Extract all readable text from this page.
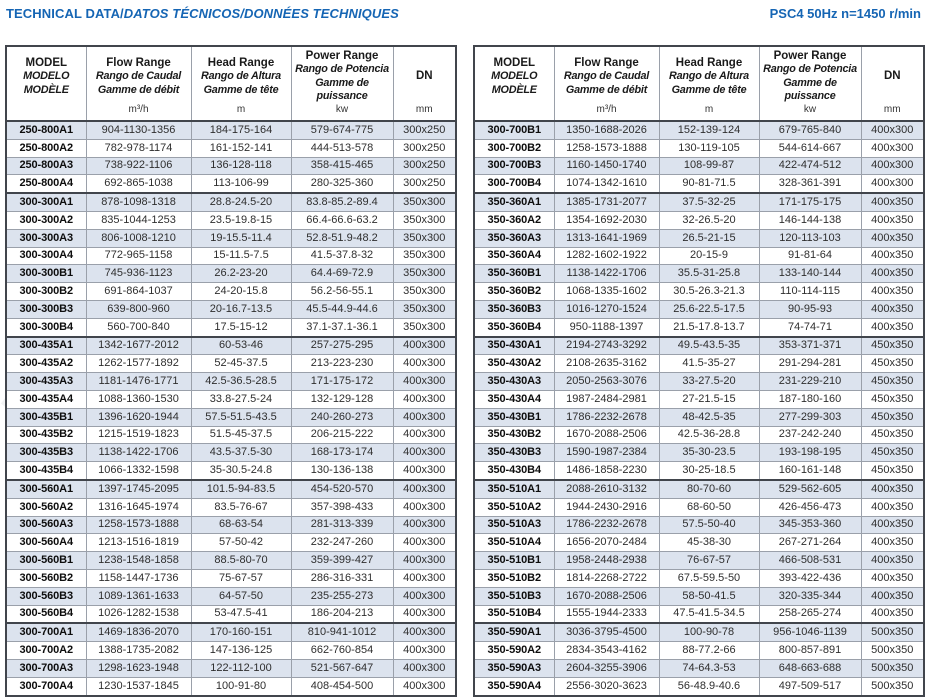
TECHNICAL DATA/DATOS TÉCNICOS/DONNÉES TECHNIQUES	PSC4 50Hz n=1450 r/min
MODEL
MODELO
MODÈLE

Flow Range
Rango de Caudal
Gamme de débit
m³/h

Head Range
Rango de Altura
Gamme de tête
m

Power Range
Rango de Potencia
Gamme de puissance
kw

DN
mm

250-800A1	904-1130-1356	184-175-164	579-674-775	300x250
250-800A2	782-978-1174	161-152-141	444-513-578	300x250
250-800A3	738-922-1106	136-128-118	358-415-465	300x250
250-800A4	692-865-1038	113-106-99	280-325-360	300x250
300-300A1	878-1098-1318	28.8-24.5-20	83.8-85.2-89.4	350x300
300-300A2	835-1044-1253	23.5-19.8-15	66.4-66.6-63.2	350x300
300-300A3	806-1008-1210	19-15.5-11.4	52.8-51.9-48.2	350x300
300-300A4	772-965-1158	15-11.5-7.5	41.5-37.8-32	350x300
300-300B1	745-936-1123	26.2-23-20	64.4-69-72.9	350x300
300-300B2	691-864-1037	24-20-15.8	56.2-56-55.1	350x300
300-300B3	639-800-960	20-16.7-13.5	45.5-44.9-44.6	350x300
300-300B4	560-700-840	17.5-15-12	37.1-37.1-36.1	350x300
300-435A1	1342-1677-2012	60-53-46	257-275-295	400x300
300-435A2	1262-1577-1892	52-45-37.5	213-223-230	400x300
300-435A3	1181-1476-1771	42.5-36.5-28.5	171-175-172	400x300
300-435A4	1088-1360-1530	33.8-27.5-24	132-129-128	400x300
300-435B1	1396-1620-1944	57.5-51.5-43.5	240-260-273	400x300
300-435B2	1215-1519-1823	51.5-45-37.5	206-215-222	400x300
300-435B3	1138-1422-1706	43.5-37.5-30	168-173-174	400x300
300-435B4	1066-1332-1598	35-30.5-24.8	130-136-138	400x300
300-560A1	1397-1745-2095	101.5-94-83.5	454-520-570	400x300
300-560A2	1316-1645-1974	83.5-76-67	357-398-433	400x300
300-560A3	1258-1573-1888	68-63-54	281-313-339	400x300
300-560A4	1213-1516-1819	57-50-42	232-247-260	400x300
300-560B1	1238-1548-1858	88.5-80-70	359-399-427	400x300
300-560B2	1158-1447-1736	75-67-57	286-316-331	400x300
300-560B3	1089-1361-1633	64-57-50	235-255-273	400x300
300-560B4	1026-1282-1538	53-47.5-41	186-204-213	400x300
300-700A1	1469-1836-2070	170-160-151	810-941-1012	400x300
300-700A2	1388-1735-2082	147-136-125	662-760-854	400x300
300-700A3	1298-1623-1948	122-112-100	521-567-647	400x300
300-700A4	1230-1537-1845	100-91-80	408-454-500	400x300
MODEL
MODELO
MODÈLE

Flow Range
Rango de Caudal
Gamme de débit
m³/h

Head Range
Rango de Altura
Gamme de tête
m

Power Range
Rango de Potencia
Gamme de puissance
kw

DN
mm

300-700B1	1350-1688-2026	152-139-124	679-765-840	400x300
300-700B2	1258-1573-1888	130-119-105	544-614-667	400x300
300-700B3	1160-1450-1740	108-99-87	422-474-512	400x300
300-700B4	1074-1342-1610	90-81-71.5	328-361-391	400x300
350-360A1	1385-1731-2077	37.5-32-25	171-175-175	400x350
350-360A2	1354-1692-2030	32-26.5-20	146-144-138	400x350
350-360A3	1313-1641-1969	26.5-21-15	120-113-103	400x350
350-360A4	1282-1602-1922	20-15-9	91-81-64	400x350
350-360B1	1138-1422-1706	35.5-31-25.8	133-140-144	400x350
350-360B2	1068-1335-1602	30.5-26.3-21.3	110-114-115	400x350
350-360B3	1016-1270-1524	25.6-22.5-17.5	90-95-93	400x350
350-360B4	950-1188-1397	21.5-17.8-13.7	74-74-71	400x350
350-430A1	2194-2743-3292	49.5-43.5-35	353-371-371	450x350
350-430A2	2108-2635-3162	41.5-35-27	291-294-281	450x350
350-430A3	2050-2563-3076	33-27.5-20	231-229-210	450x350
350-430A4	1987-2484-2981	27-21.5-15	187-180-160	450x350
350-430B1	1786-2232-2678	48-42.5-35	277-299-303	450x350
350-430B2	1670-2088-2506	42.5-36-28.8	237-242-240	450x350
350-430B3	1590-1987-2384	35-30-23.5	193-198-195	450x350
350-430B4	1486-1858-2230	30-25-18.5	160-161-148	450x350
350-510A1	2088-2610-3132	80-70-60	529-562-605	400x350
350-510A2	1944-2430-2916	68-60-50	426-456-473	400x350
350-510A3	1786-2232-2678	57.5-50-40	345-353-360	400x350
350-510A4	1656-2070-2484	45-38-30	267-271-264	400x350
350-510B1	1958-2448-2938	76-67-57	466-508-531	400x350
350-510B2	1814-2268-2722	67.5-59.5-50	393-422-436	400x350
350-510B3	1670-2088-2506	58-50-41.5	320-335-344	400x350
350-510B4	1555-1944-2333	47.5-41.5-34.5	258-265-274	400x350
350-590A1	3036-3795-4500	100-90-78	956-1046-1139	500x350
350-590A2	2834-3543-4162	88-77.2-66	800-857-891	500x350
350-590A3	2604-3255-3906	74-64.3-53	648-663-688	500x350
350-590A4	2556-3020-3623	56-48.9-40.6	497-509-517	500x350
